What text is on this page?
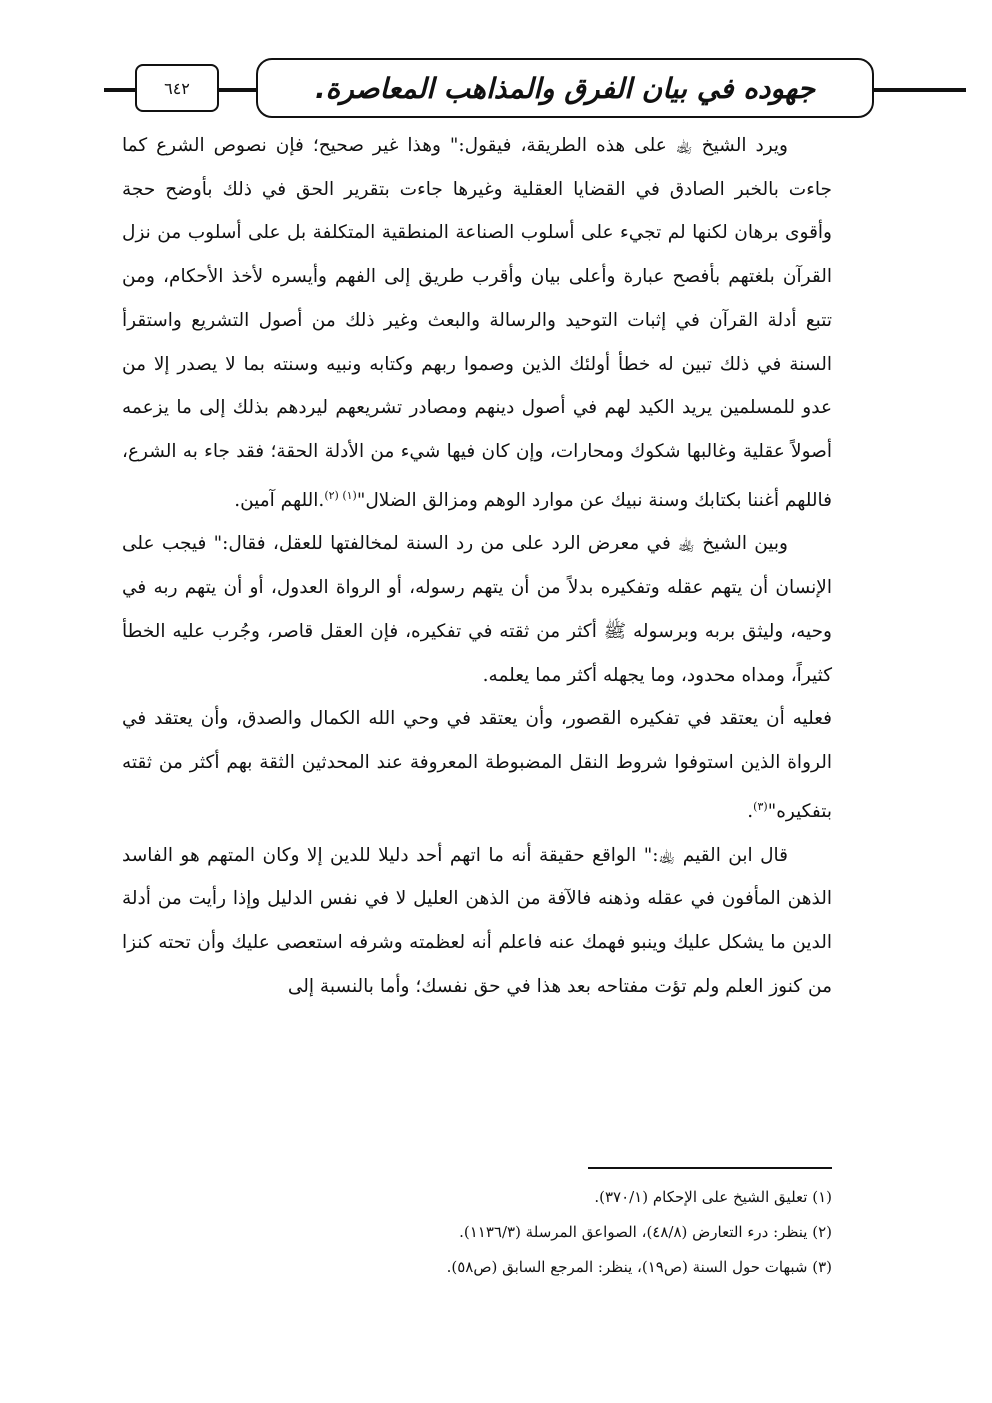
٦٤٢	جهوده في بيان الفرق والمذاهب المعاصرة.

ويرد الشيخ ﵀ على هذه الطريقة، فيقول:" وهذا غير صحيح؛ فإن نصوص الشرع كما جاءت بالخبر الصادق في القضايا العقلية وغيرها جاءت بتقرير الحق في ذلك بأوضح حجة وأقوى برهان لكنها لم تجيء على أسلوب الصناعة المنطقية المتكلفة بل على أسلوب من نزل القرآن بلغتهم بأفصح عبارة وأعلى بيان وأقرب طريق إلى الفهم وأيسره لأخذ الأحكام، ومن تتبع أدلة القرآن في إثبات التوحيد والرسالة والبعث وغير ذلك من أصول التشريع واستقرأ السنة في ذلك تبين له خطأ أولئك الذين وصموا ربهم وكتابه ونبيه وسنته بما لا يصدر إلا من عدو للمسلمين يريد الكيد لهم في أصول دينهم ومصادر تشريعهم ليردهم بذلك إلى ما يزعمه أصولاً عقلية وغالبها شكوك ومحارات، وإن كان فيها شيء من الأدلة الحقة؛ فقد جاء به الشرع، فاللهم أغننا بكتابك وسنة نبيك عن موارد الوهم ومزالق الضلال"$^{(١) (٢)}$.اللهم آمين.

وبين الشيخ ﵀ في معرض الرد على من رد السنة لمخالفتها للعقل، فقال:" فيجب على الإنسان أن يتهم عقله وتفكيره بدلاً من أن يتهم رسوله، أو الرواة العدول، أو أن يتهم ربه في وحيه، وليثق بربه وبرسوله ﷺ أكثر من ثقته في تفكيره، فإن العقل قاصر، وجُرب عليه الخطأ كثيراً، ومداه محدود، وما يجهله أكثر مما يعلمه.

فعليه أن يعتقد في تفكيره القصور، وأن يعتقد في وحي الله الكمال والصدق، وأن يعتقد في الرواة الذين استوفوا شروط النقل المضبوطة المعروفة عند المحدثين الثقة بهم أكثر من ثقته بتفكيره"$^{(٣)}$.

قال ابن القيم ﵀:" الواقع حقيقة أنه ما اتهم أحد دليلا للدين إلا وكان المتهم هو الفاسد الذهن المأفون في عقله وذهنه فالآفة من الذهن العليل لا في نفس الدليل وإذا رأيت من أدلة الدين ما يشكل عليك وينبو فهمك عنه فاعلم أنه لعظمته وشرفه استعصى عليك وأن تحته كنزا من كنوز العلم ولم تؤت مفتاحه بعد هذا في حق نفسك؛ وأما بالنسبة إلى

(١) تعليق الشيخ على الإحكام (٣٧٠/١).
(٢) ينظر: درء التعارض (٤٨/٨)، الصواعق المرسلة (١١٣٦/٣).
(٣) شبهات حول السنة (ص١٩)، ينظر: المرجع السابق (ص٥٨).
